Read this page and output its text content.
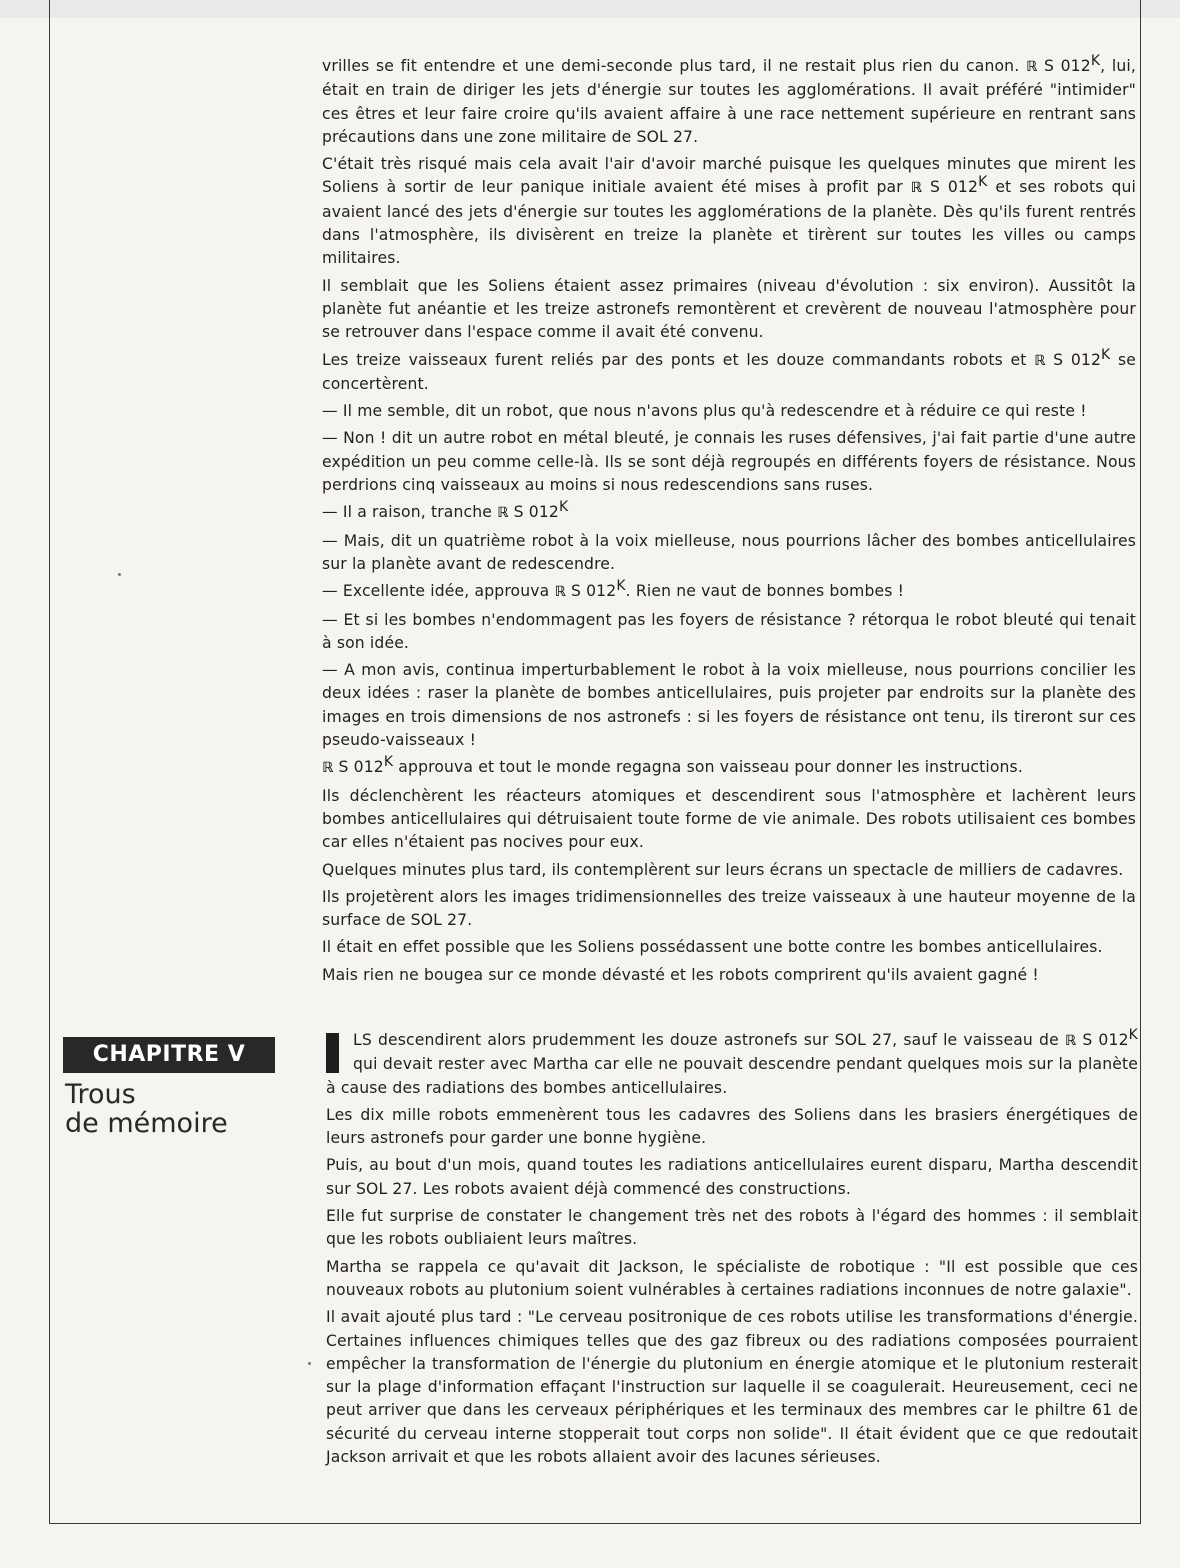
vrilles se fit entendre et une demi-seconde plus tard, il ne restait plus rien du canon. ℝ S 012K, lui, était en train de diriger les jets d'énergie sur toutes les agglomérations. Il avait préféré "intimider" ces êtres et leur faire croire qu'ils avaient affaire à une race nettement supérieure en rentrant sans précautions dans une zone militaire de SOL 27.

C'était très risqué mais cela avait l'air d'avoir marché puisque les quelques minutes que mirent les Soliens à sortir de leur panique initiale avaient été mises à profit par ℝ S 012K et ses robots qui avaient lancé des jets d'énergie sur toutes les agglomérations de la planète. Dès qu'ils furent rentrés dans l'atmosphère, ils divisèrent en treize la planète et tirèrent sur toutes les villes ou camps militaires.

Il semblait que les Soliens étaient assez primaires (niveau d'évolution : six environ). Aussitôt la planète fut anéantie et les treize astronefs remontèrent et crevèrent de nouveau l'atmosphère pour se retrouver dans l'espace comme il avait été convenu.

Les treize vaisseaux furent reliés par des ponts et les douze commandants robots et ℝ S 012K se concertèrent.

— Il me semble, dit un robot, que nous n'avons plus qu'à redescendre et à réduire ce qui reste !

— Non ! dit un autre robot en métal bleuté, je connais les ruses défensives, j'ai fait partie d'une autre expédition un peu comme celle-là. Ils se sont déjà regroupés en différents foyers de résistance. Nous perdrions cinq vaisseaux au moins si nous redescendions sans ruses.

— Il a raison, tranche ℝ S 012K

— Mais, dit un quatrième robot à la voix mielleuse, nous pourrions lâcher des bombes anticellulaires sur la planète avant de redescendre.

— Excellente idée, approuva ℝ S 012K. Rien ne vaut de bonnes bombes !

— Et si les bombes n'endommagent pas les foyers de résistance ? rétorqua le robot bleuté qui tenait à son idée.

— A mon avis, continua imperturbablement le robot à la voix mielleuse, nous pourrions concilier les deux idées : raser la planète de bombes anticellulaires, puis projeter par endroits sur la planète des images en trois dimensions de nos astronefs : si les foyers de résistance ont tenu, ils tireront sur ces pseudo-vaisseaux !

ℝ S 012K approuva et tout le monde regagna son vaisseau pour donner les instructions.

Ils déclenchèrent les réacteurs atomiques et descendirent sous l'atmosphère et lachèrent leurs bombes anticellulaires qui détruisaient toute forme de vie animale. Des robots utilisaient ces bombes car elles n'étaient pas nocives pour eux.

Quelques minutes plus tard, ils contemplèrent sur leurs écrans un spectacle de milliers de cadavres.

Ils projetèrent alors les images tridimensionnelles des treize vaisseaux à une hauteur moyenne de la surface de SOL 27.

Il était en effet possible que les Soliens possédassent une botte contre les bombes anticellulaires.

Mais rien ne bougea sur ce monde dévasté et les robots comprirent qu'ils avaient gagné !

CHAPITRE V
Trous
de mémoire

LS descendirent alors prudemment les douze astronefs sur SOL 27, sauf le vaisseau de ℝ S 012K qui devait rester avec Martha car elle ne pouvait descendre pendant quelques mois sur la planète à cause des radiations des bombes anticellulaires.

Les dix mille robots emmenèrent tous les cadavres des Soliens dans les brasiers énergétiques de leurs astronefs pour garder une bonne hygiène.

Puis, au bout d'un mois, quand toutes les radiations anticellulaires eurent disparu, Martha descendit sur SOL 27. Les robots avaient déjà commencé des constructions.

Elle fut surprise de constater le changement très net des robots à l'égard des hommes : il semblait que les robots oubliaient leurs maîtres.

Martha se rappela ce qu'avait dit Jackson, le spécialiste de robotique : "Il est possible que ces nouveaux robots au plutonium soient vulnérables à certaines radiations inconnues de notre galaxie".

Il avait ajouté plus tard : "Le cerveau positronique de ces robots utilise les transformations d'énergie. Certaines influences chimiques telles que des gaz fibreux ou des radiations composées pourraient empêcher la transformation de l'énergie du plutonium en énergie atomique et le plutonium resterait sur la plage d'information effaçant l'instruction sur laquelle il se coagulerait. Heureusement, ceci ne peut arriver que dans les cerveaux périphériques et les terminaux des membres car le philtre 61 de sécurité du cerveau interne stopperait tout corps non solide". Il était évident que ce que redoutait Jackson arrivait et que les robots allaient avoir des lacunes sérieuses.
